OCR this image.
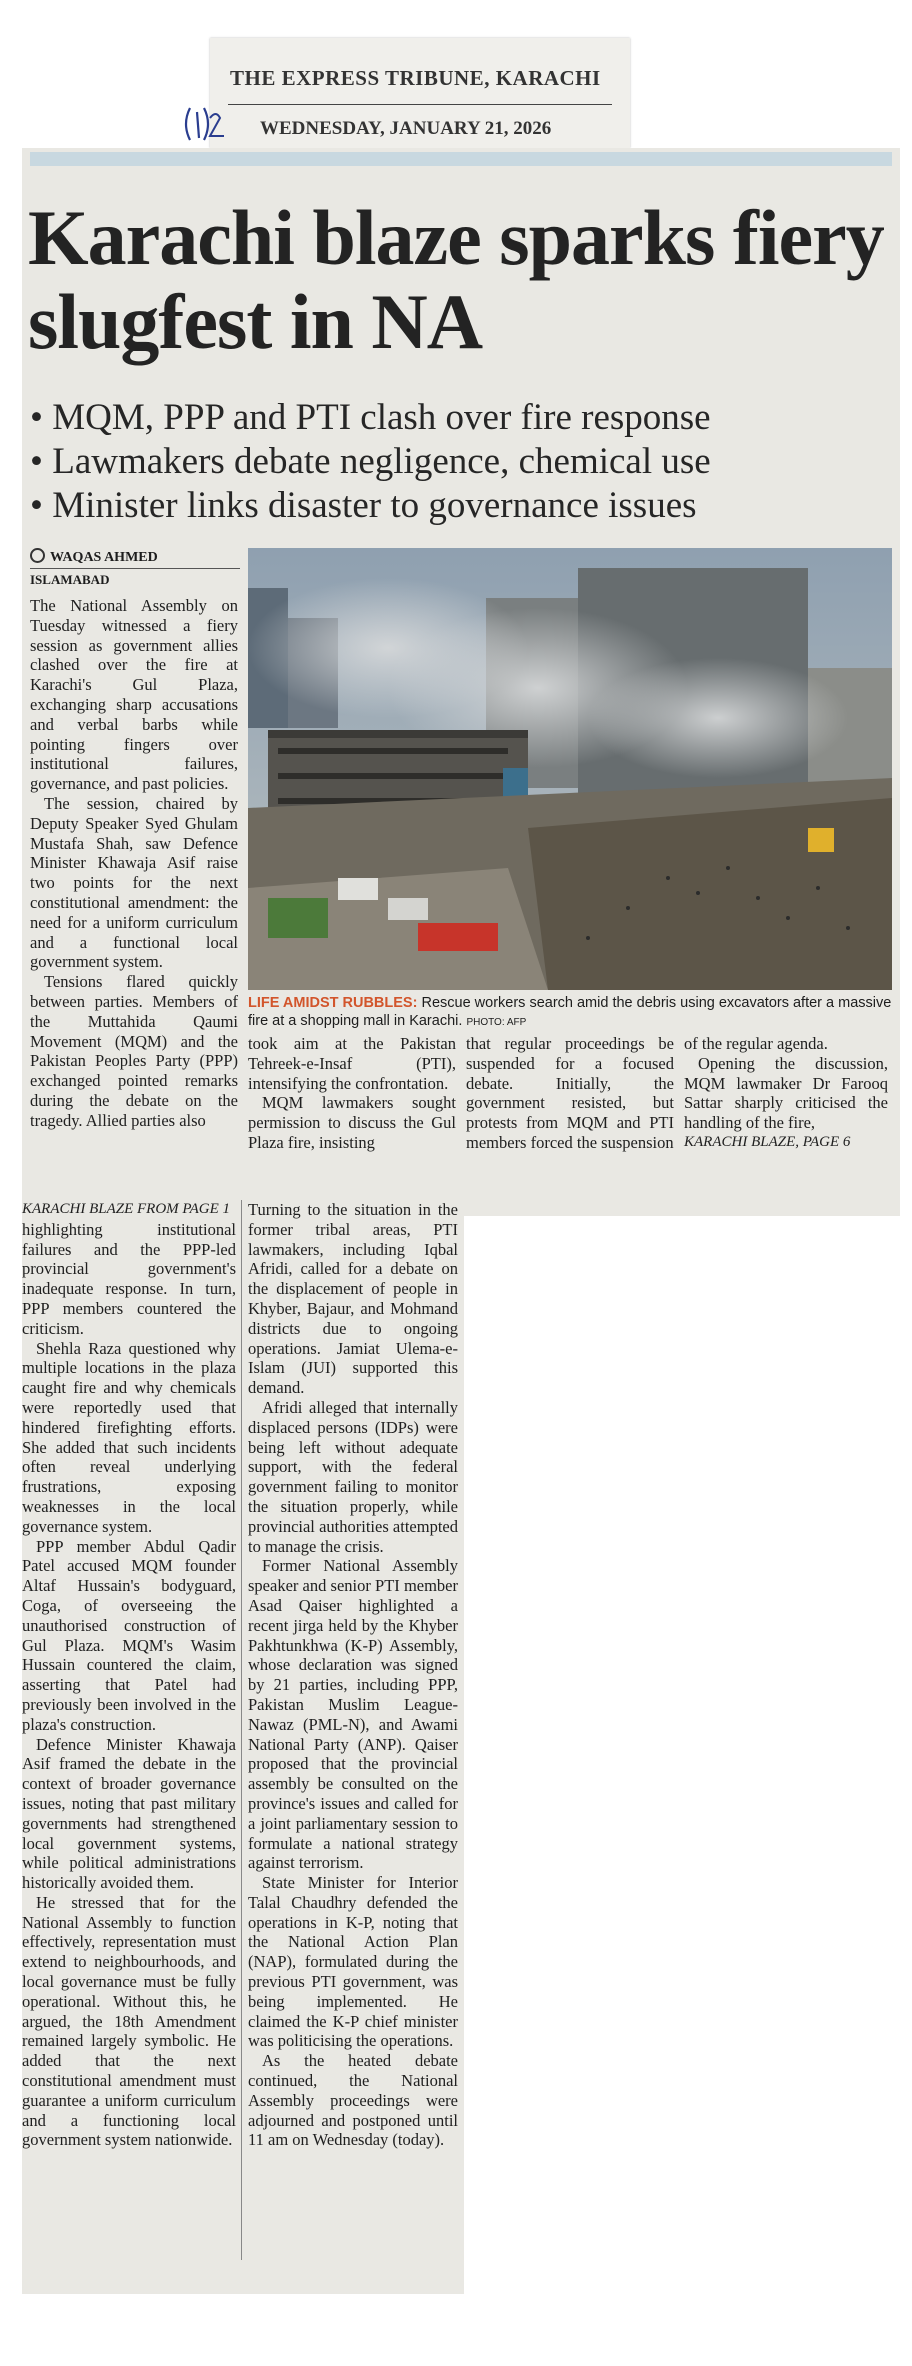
THE EXPRESS TRIBUNE, KARACHI
WEDNESDAY, JANUARY 21, 2026
Karachi blaze sparks fiery slugfest in NA
• MQM, PPP and PTI clash over fire response
• Lawmakers debate negligence, chemical use
• Minister links disaster to governance issues
WAQAS AHMED
ISLAMABAD

The National Assembly on Tuesday witnessed a fiery session as government allies clashed over the fire at Karachi's Gul Plaza, exchanging sharp accusations and verbal barbs while pointing fingers over institutional failures, governance, and past policies.

The session, chaired by Deputy Speaker Syed Ghulam Mustafa Shah, saw Defence Minister Khawaja Asif raise two points for the next constitutional amendment: the need for a uniform curriculum and a functional local government system.

Tensions flared quickly between parties. Members of the Muttahida Qaumi Movement (MQM) and the Pakistan Peoples Party (PPP) exchanged pointed remarks during the debate on the tragedy. Allied parties also

LIFE AMIDST RUBBLES: Rescue workers search amid the debris using excavators after a massive fire at a shopping mall in Karachi. PHOTO: AFP

took aim at the Pakistan Tehreek-e-Insaf (PTI), intensifying the confrontation.

MQM lawmakers sought permission to discuss the Gul Plaza fire, insisting

that regular proceedings be suspended for a focused debate. Initially, the government resisted, but protests from MQM and PTI members forced the suspension

of the regular agenda.

Opening the discussion, MQM lawmaker Dr Farooq Sattar sharply criticised the handling of the fire,

KARACHI BLAZE, PAGE 6

KARACHI BLAZE FROM PAGE 1

highlighting institutional failures and the PPP-led provincial government's inadequate response. In turn, PPP members countered the criticism.

Shehla Raza questioned why multiple locations in the plaza caught fire and why chemicals were reportedly used that hindered firefighting efforts. She added that such incidents often reveal underlying frustrations, exposing weaknesses in the local governance system.

PPP member Abdul Qadir Patel accused MQM founder Altaf Hussain's bodyguard, Coga, of overseeing the unauthorised construction of Gul Plaza. MQM's Wasim Hussain countered the claim, asserting that Patel had previously been involved in the plaza's construction.

Defence Minister Khawaja Asif framed the debate in the context of broader governance issues, noting that past military governments had strengthened local government systems, while political administrations historically avoided them.

He stressed that for the National Assembly to function effectively, representation must extend to neighbourhoods, and local governance must be fully operational. Without this, he argued, the 18th Amendment remained largely symbolic. He added that the next constitutional amendment must guarantee a uniform curriculum and a functioning local government system nationwide.

Turning to the situation in the former tribal areas, PTI lawmakers, including Iqbal Afridi, called for a debate on the displacement of people in Khyber, Bajaur, and Mohmand districts due to ongoing operations. Jamiat Ulema-e-Islam (JUI) supported this demand.

Afridi alleged that internally displaced persons (IDPs) were being left without adequate support, with the federal government failing to monitor the situation properly, while provincial authorities attempted to manage the crisis.

Former National Assembly speaker and senior PTI member Asad Qaiser highlighted a recent jirga held by the Khyber Pakhtunkhwa (K-P) Assembly, whose declaration was signed by 21 parties, including PPP, Pakistan Muslim League-Nawaz (PML-N), and Awami National Party (ANP). Qaiser proposed that the provincial assembly be consulted on the province's issues and called for a joint parliamentary session to formulate a national strategy against terrorism.

State Minister for Interior Talal Chaudhry defended the operations in K-P, noting that the National Action Plan (NAP), formulated during the previous PTI government, was being implemented. He claimed the K-P chief minister was politicising the operations.

As the heated debate continued, the National Assembly proceedings were adjourned and postponed until 11 am on Wednesday (today).
